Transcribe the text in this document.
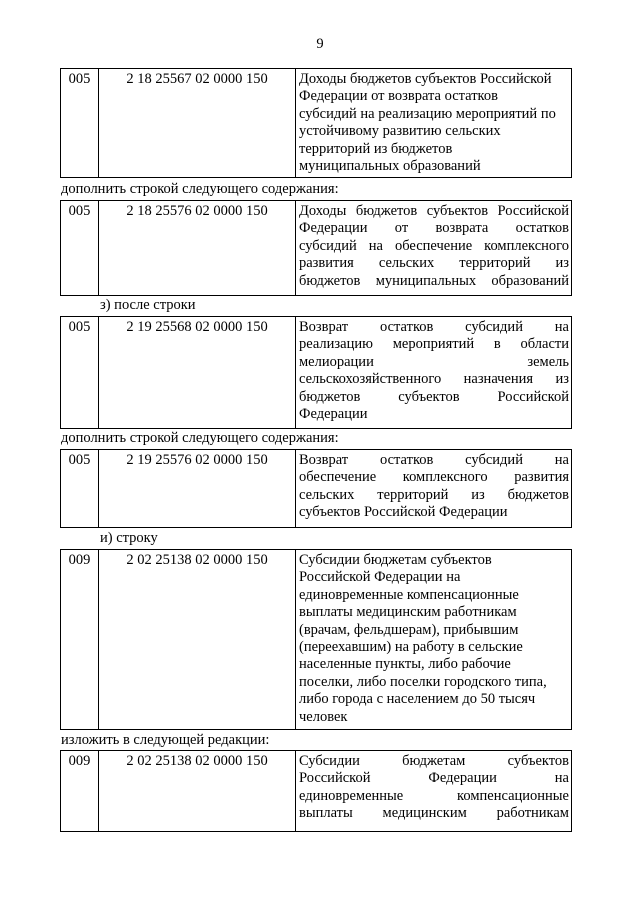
9
005	2 18 25567 02 0000 150	Доходы бюджетов субъектов Российской
Федерации от возврата остатков
субсидий на реализацию мероприятий по
устойчивому развитию сельских
территорий из бюджетов
муниципальных образований
дополнить строкой следующего содержания:
005	2 18 25576 02 0000 150	Доходы бюджетов субъектов Российской
Федерации от возврата остатков
субсидий на обеспечение комплексного
развития сельских территорий из
бюджетов муниципальных образований
з) после строки
005	2 19 25568 02 0000 150	Возврат остатков субсидий на
реализацию мероприятий в области
мелиорации земель
сельскохозяйственного назначения из
бюджетов субъектов Российской
Федерации
дополнить строкой следующего содержания:
005	2 19 25576 02 0000 150	Возврат остатков субсидий на
обеспечение комплексного развития
сельских территорий из бюджетов
субъектов Российской Федерации
и) строку
009	2 02 25138 02 0000 150	Субсидии бюджетам субъектов
Российской Федерации на
единовременные компенсационные
выплаты медицинским работникам
(врачам, фельдшерам), прибывшим
(переехавшим) на работу в сельские
населенные пункты, либо рабочие
поселки, либо поселки городского типа,
либо города с населением до 50 тысяч
человек
изложить в следующей редакции:
009	2 02 25138 02 0000 150	Субсидии бюджетам субъектов
Российской Федерации на
единовременные компенсационные
выплаты медицинским работникам
